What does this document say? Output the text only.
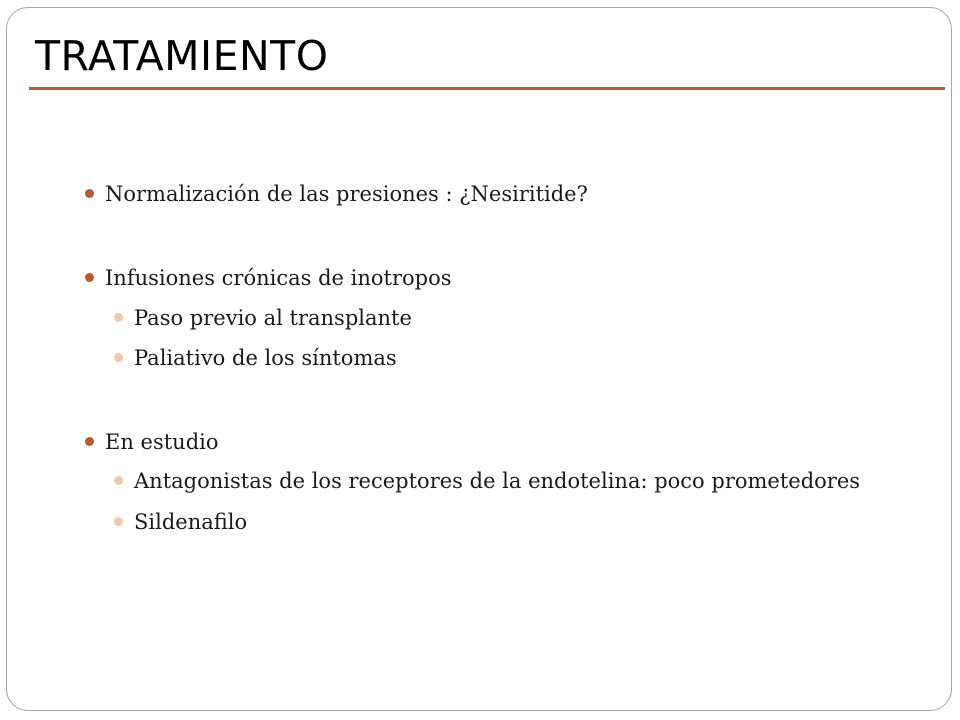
TRATAMIENTO
Normalización de las presiones : ¿Nesiritide?
Infusiones crónicas de inotropos
Paso previo al transplante
Paliativo de los síntomas
En estudio
Antagonistas de los receptores de la endotelina: poco prometedores
Sildenafilo
